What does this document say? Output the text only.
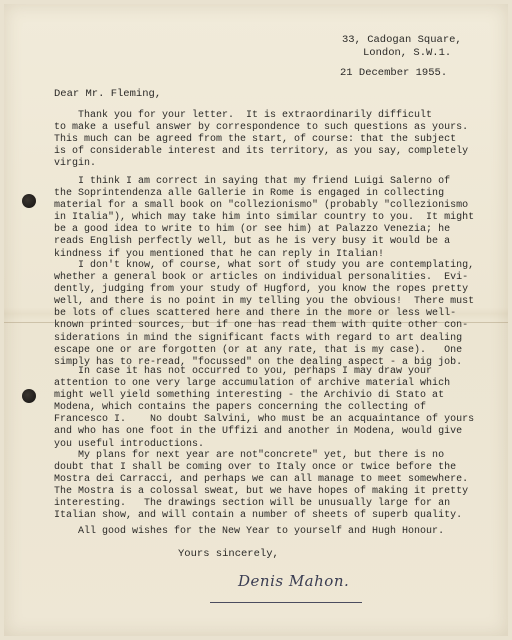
33, Cadogan Square,
London, S.W.1.
21 December 1955.
Dear Mr. Fleming,
Thank you for your letter.  It is extraordinarily difficult
to make a useful answer by correspondence to such questions as yours.
This much can be agreed from the start, of course: that the subject
is of considerable interest and its territory, as you say, completely
virgin.
I think I am correct in saying that my friend Luigi Salerno of
the Soprintendenza alle Gallerie in Rome is engaged in collecting
material for a small book on "collezionismo" (probably "collezionismo
in Italia"), which may take him into similar country to you.  It might
be a good idea to write to him (or see him) at Palazzo Venezia; he
reads English perfectly well, but as he is very busy it would be a
kindness if you mentioned that he can reply in Italian!
I don't know, of course, what sort of study you are contemplating,
whether a general book or articles on individual personalities.  Evi-
dently, judging from your study of Hugford, you know the ropes pretty
well, and there is no point in my telling you the obvious!  There must
be lots of clues scattered here and there in the more or less well-
known printed sources, but if one has read them with quite other con-
siderations in mind the significant facts with regard to art dealing
escape one or are forgotten (or at any rate, that is my case).   One
simply has to re-read, "focussed" on the dealing aspect - a big job.
In case it has not occurred to you, perhaps I may draw your
attention to one very large accumulation of archive material which
might well yield something interesting - the Archivio di Stato at
Modena, which contains the papers concerning the collecting of
Francesco I.    No doubt Salvini, who must be an acquaintance of yours
and who has one foot in the Uffizi and another in Modena, would give
you useful introductions.
My plans for next year are not"concrete" yet, but there is no
doubt that I shall be coming over to Italy once or twice before the
Mostra dei Carracci, and perhaps we can all manage to meet somewhere.
The Mostra is a colossal sweat, but we have hopes of making it pretty
interesting.   The drawings section will be unusually large for an
Italian show, and will contain a number of sheets of superb quality.
All good wishes for the New Year to yourself and Hugh Honour.
Yours sincerely,
Denis Mahon.
